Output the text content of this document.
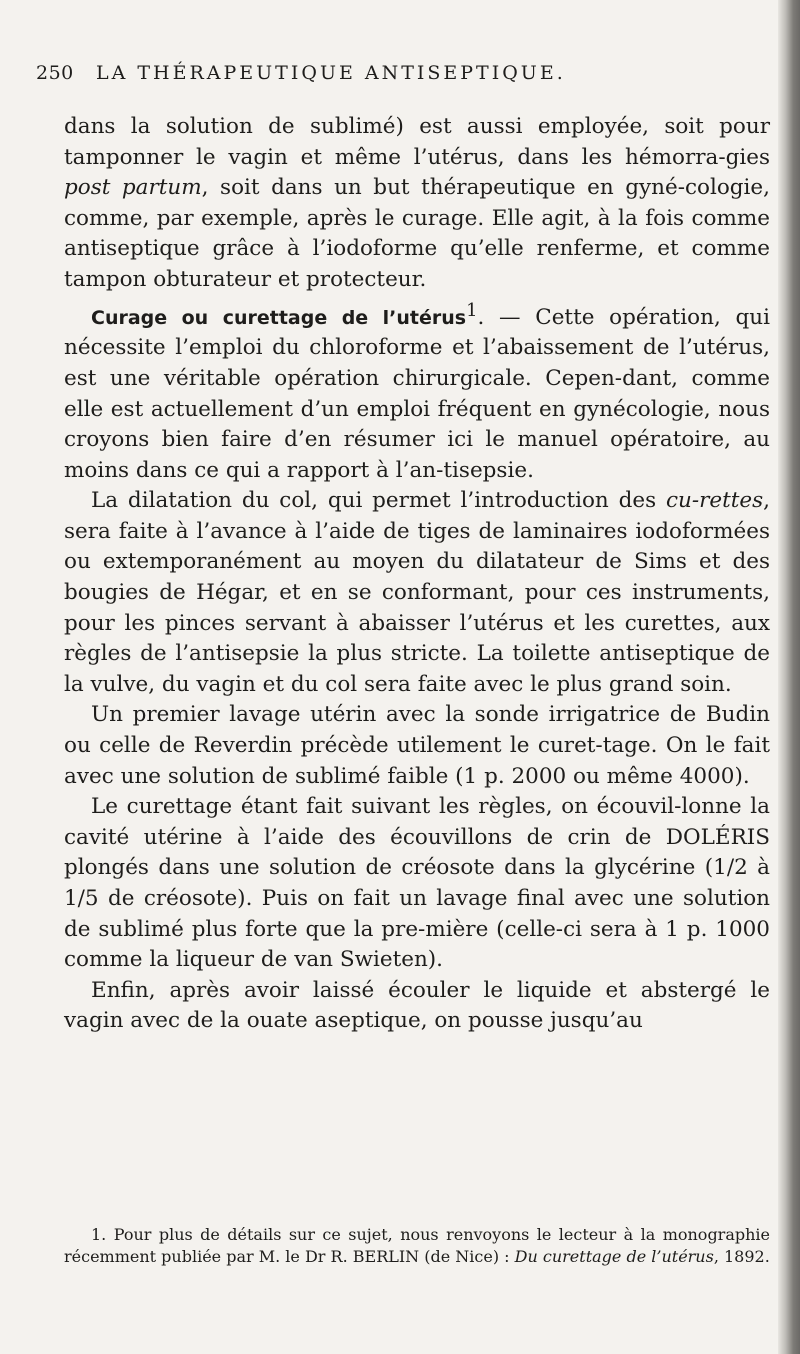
250 LA THÉRAPEUTIQUE ANTISEPTIQUE.

dans la solution de sublimé) est aussi employée, soit pour tamponner le vagin et même l’utérus, dans les hémorra-gies post partum, soit dans un but thérapeutique en gyné-cologie, comme, par exemple, après le curage. Elle agit, à la fois comme antiseptique grâce à l’iodoforme qu’elle renferme, et comme tampon obturateur et protecteur.

Curage ou curettage de l’utérus$^1$. — Cette opération, qui nécessite l’emploi du chloroforme et l’abaissement de l’utérus, est une véritable opération chirurgicale. Cepen-dant, comme elle est actuellement d’un emploi fréquent en gynécologie, nous croyons bien faire d’en résumer ici le manuel opératoire, au moins dans ce qui a rapport à l’an-tisepsie.

La dilatation du col, qui permet l’introduction des cu-rettes, sera faite à l’avance à l’aide de tiges de laminaires iodoformées ou extemporanément au moyen du dilatateur de Sims et des bougies de Hégar, et en se conformant, pour ces instruments, pour les pinces servant à abaisser l’utérus et les curettes, aux règles de l’antisepsie la plus stricte. La toilette antiseptique de la vulve, du vagin et du col sera faite avec le plus grand soin.

Un premier lavage utérin avec la sonde irrigatrice de Budin ou celle de Reverdin précède utilement le curet-tage. On le fait avec une solution de sublimé faible (1 p. 2000 ou même 4000).

Le curettage étant fait suivant les règles, on écouvil-lonne la cavité utérine à l’aide des écouvillons de crin de DOLÉRIS plongés dans une solution de créosote dans la glycérine (1/2 à 1/5 de créosote). Puis on fait un lavage final avec une solution de sublimé plus forte que la pre-mière (celle-ci sera à 1 p. 1000 comme la liqueur de van Swieten).

Enfin, après avoir laissé écouler le liquide et abstergé le vagin avec de la ouate aseptique, on pousse jusqu’au

1. Pour plus de détails sur ce sujet, nous renvoyons le lecteur à la monographie récemment publiée par M. le Dr R. BERLIN (de Nice) : Du curettage de l’utérus, 1892.
